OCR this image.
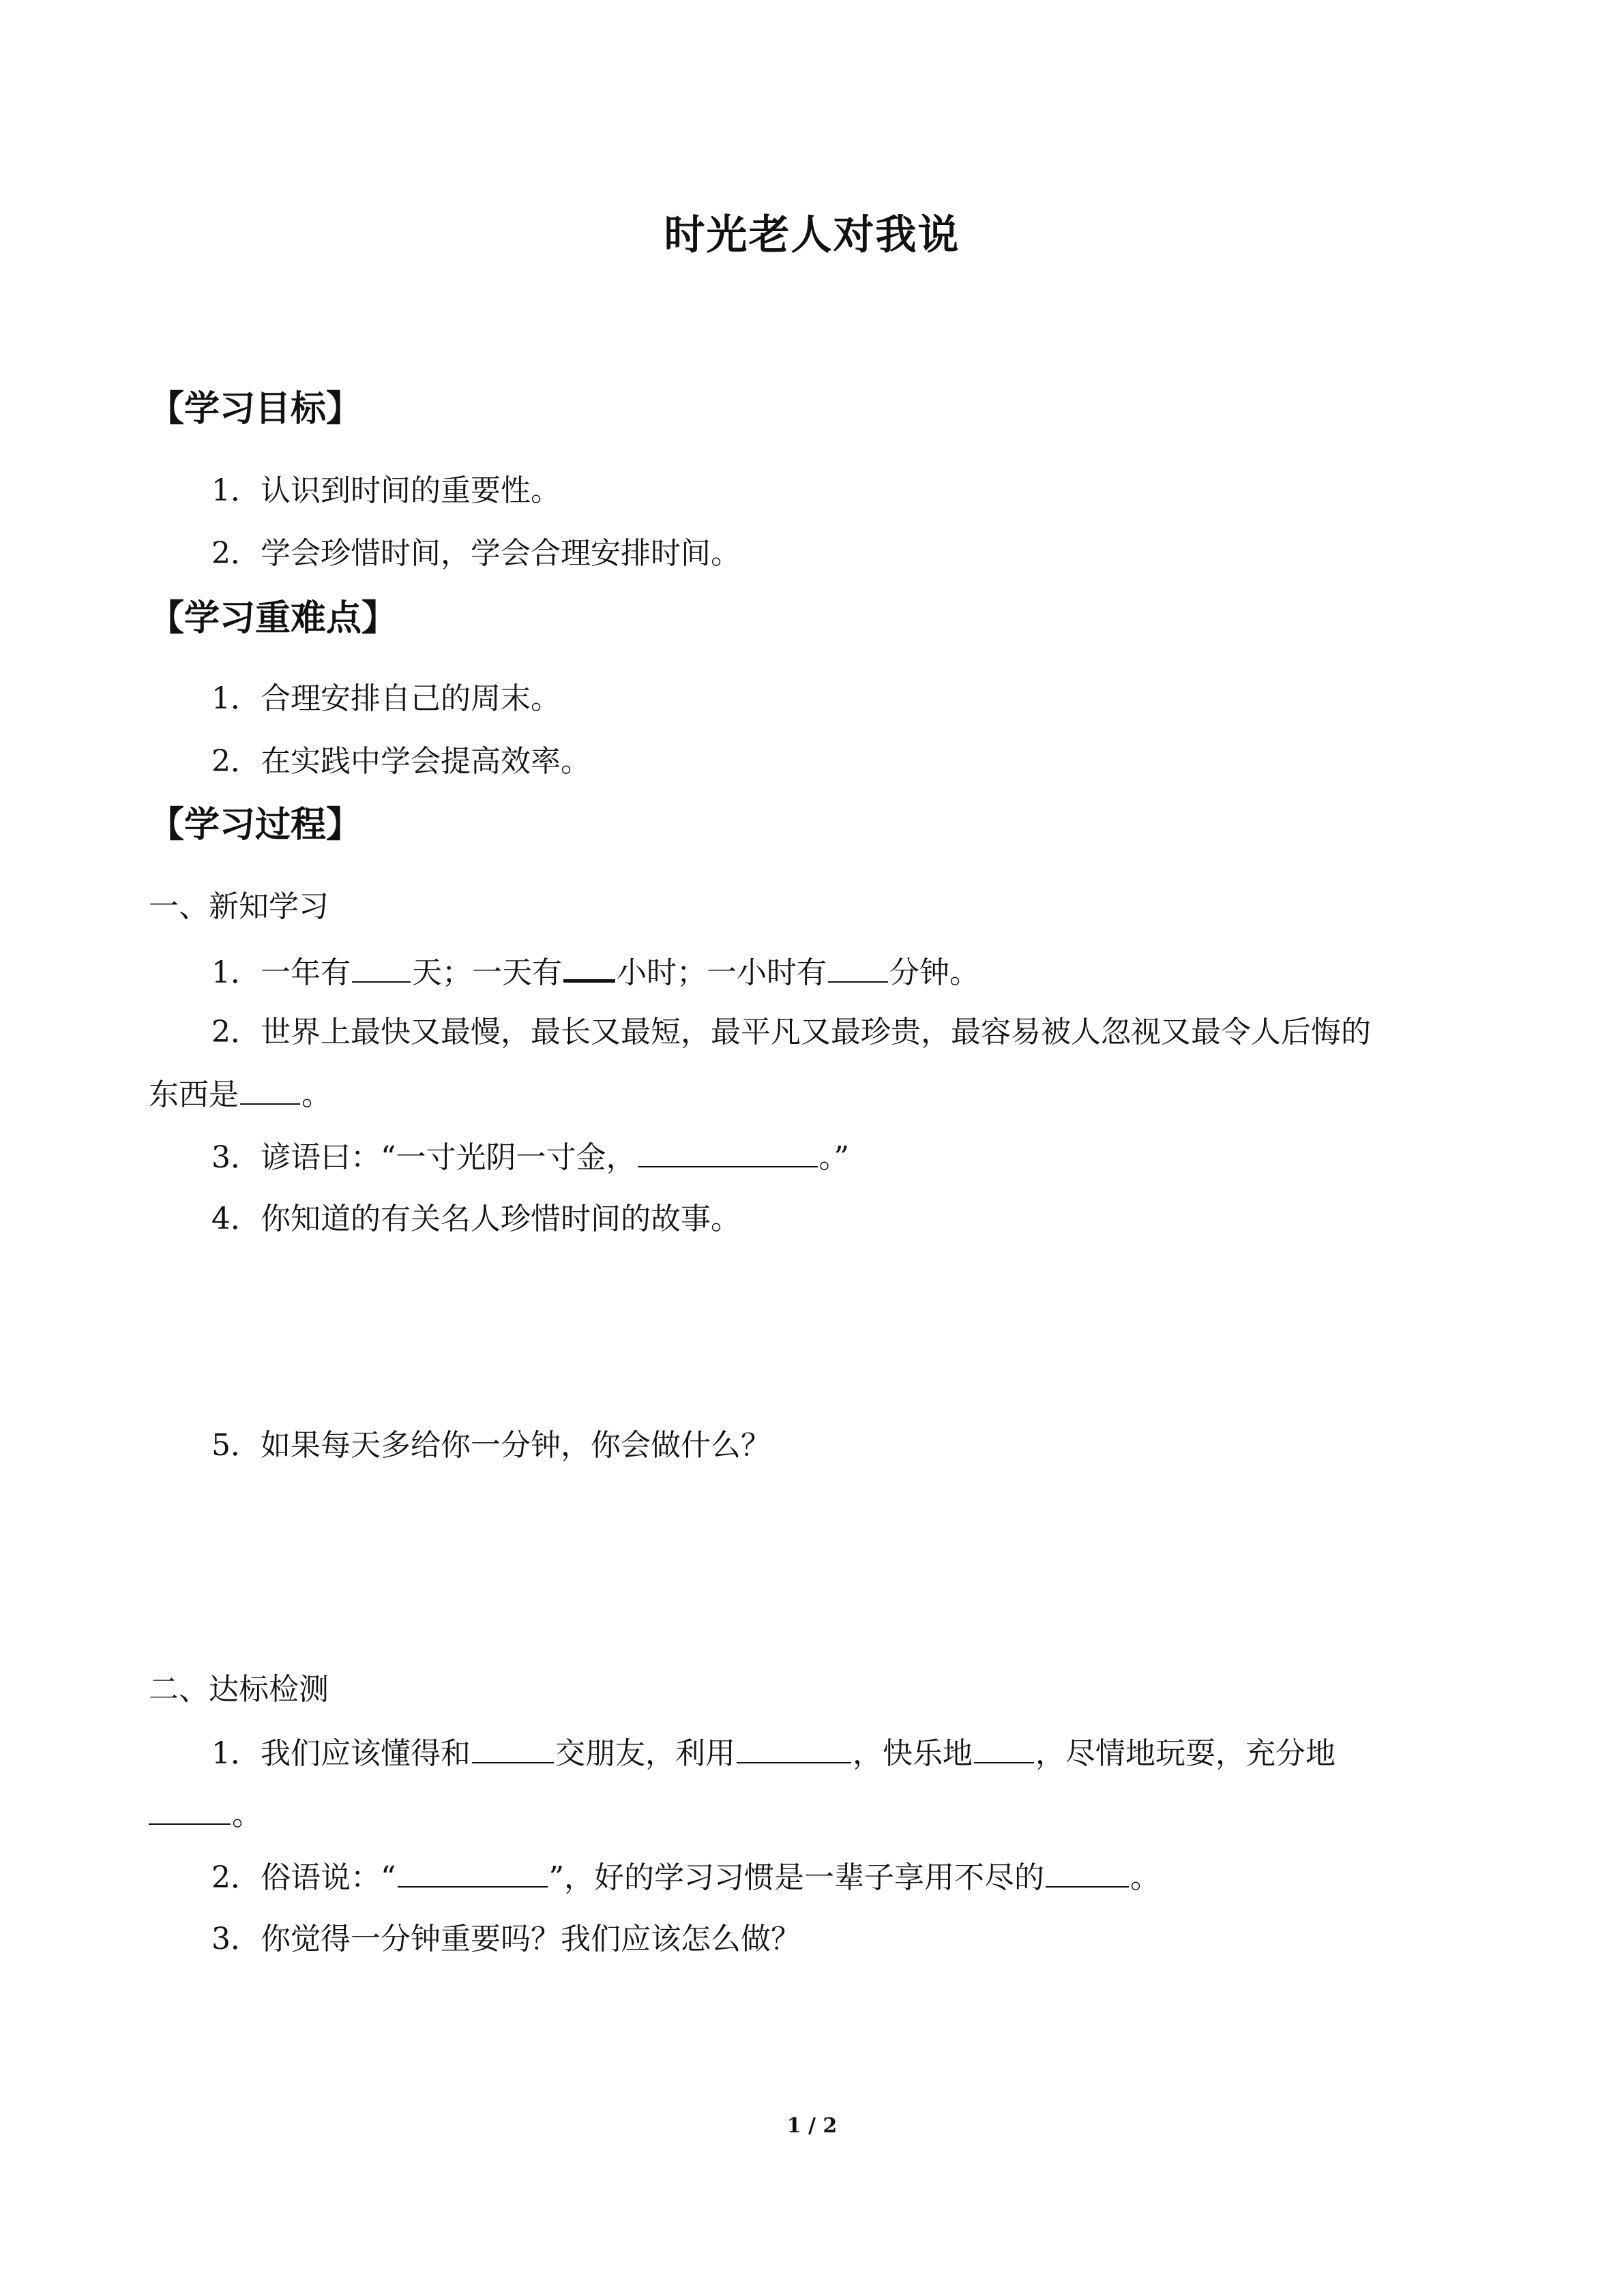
时光老人对我说
【学习目标】
1．认识到时间的重要性。
2．学会珍惜时间，学会合理安排时间。
【学习重难点】
1．合理安排自己的周末。
2．在实践中学会提高效率。
【学习过程】
一、新知学习
1．一年有 天；一天有 小时；一小时有 分钟。
2．世界上最快又最慢，最长又最短，最平凡又最珍贵，最容易被人忽视又最令人后悔的
东西是 。
3．谚语曰：“一寸光阴一寸金，	。”
4．你知道的有关名人珍惜时间的故事。
5．如果每天多给你一分钟，你会做什么？
二、达标检测
1．我们应该懂得和	交朋友，利用	，快乐地 ，尽情地玩耍，充分地
。
2．俗语说：“	”，好的学习习惯是一辈子享用不尽的	。
3．你觉得一分钟重要吗？我们应该怎么做？
1 / 2
